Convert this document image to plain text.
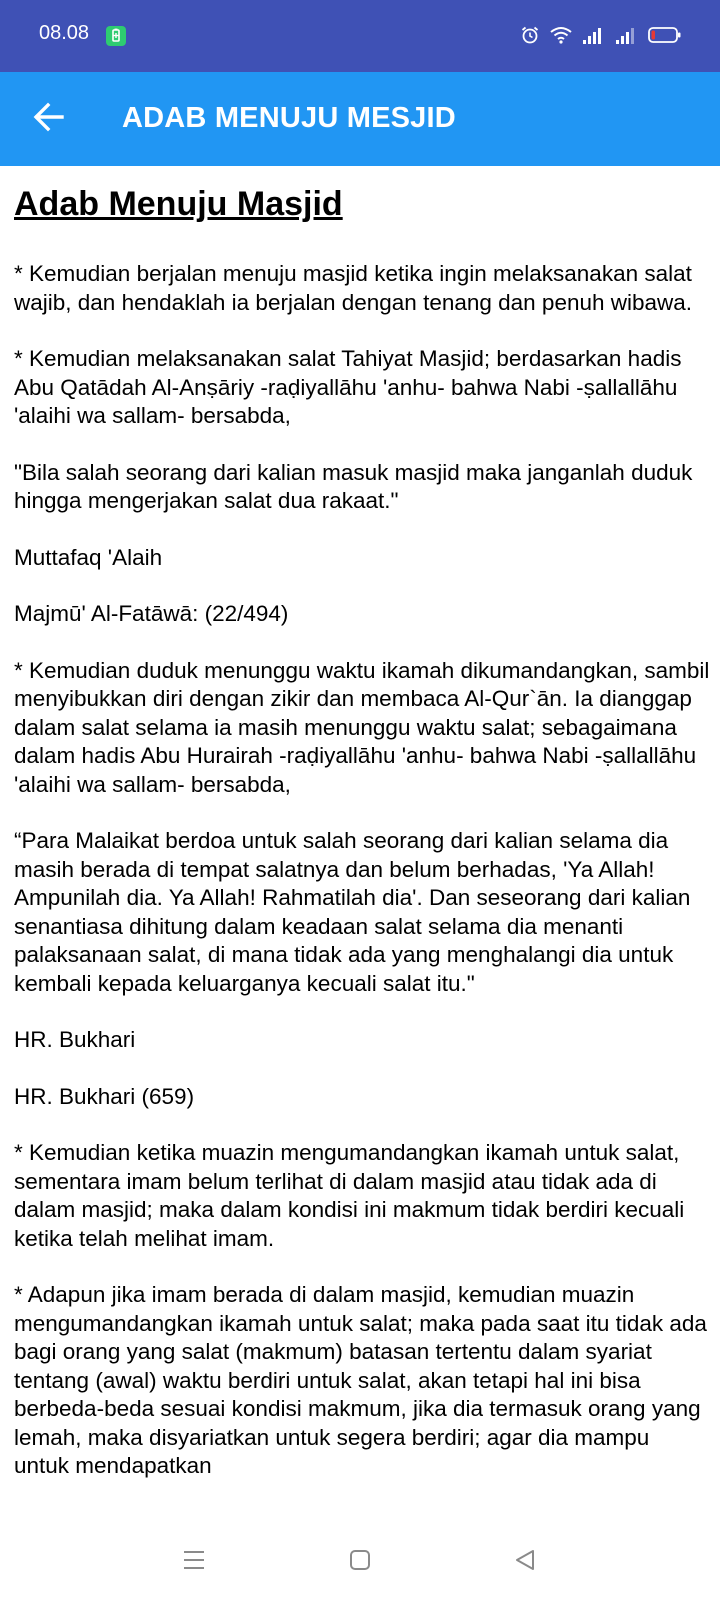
08.08
ADAB MENUJU MESJID
Adab Menuju Masjid

* Kemudian berjalan menuju masjid ketika ingin melaksanakan salat wajib, dan hendaklah ia berjalan dengan tenang dan penuh wibawa.

* Kemudian melaksanakan salat Tahiyat Masjid; berdasarkan hadis Abu Qatādah Al-Anṣāriy -raḍiyallāhu 'anhu- bahwa Nabi -ṣallallāhu 'alaihi wa sallam- bersabda,

"Bila salah seorang dari kalian masuk masjid maka janganlah duduk hingga mengerjakan salat dua rakaat."

Muttafaq 'Alaih

Majmū' Al-Fatāwā: (22/494)

* Kemudian duduk menunggu waktu ikamah dikumandangkan, sambil menyibukkan diri dengan zikir dan membaca Al-Qur`ān. Ia dianggap dalam salat selama ia masih menunggu waktu salat; sebagaimana dalam hadis Abu Hurairah -raḍiyallāhu 'anhu- bahwa Nabi -ṣallallāhu 'alaihi wa sallam- bersabda,

“Para Malaikat berdoa untuk salah seorang dari kalian selama dia masih berada di tempat salatnya dan belum berhadas, 'Ya Allah! Ampunilah dia. Ya Allah! Rahmatilah dia'. Dan seseorang dari kalian senantiasa dihitung dalam keadaan salat selama dia menanti palaksanaan salat, di mana tidak ada yang menghalangi dia untuk kembali kepada keluarganya kecuali salat itu."

HR. Bukhari

HR. Bukhari (659)

* Kemudian ketika muazin mengumandangkan ikamah untuk salat, sementara imam belum terlihat di dalam masjid atau tidak ada di dalam masjid; maka dalam kondisi ini makmum tidak berdiri kecuali ketika telah melihat imam.

* Adapun jika imam berada di dalam masjid, kemudian muazin mengumandangkan ikamah untuk salat; maka pada saat itu tidak ada bagi orang yang salat (makmum) batasan tertentu dalam syariat tentang (awal) waktu berdiri untuk salat, akan tetapi hal ini bisa berbeda-beda sesuai kondisi makmum, jika dia termasuk orang yang lemah, maka disyariatkan untuk segera berdiri; agar dia mampu untuk mendapatkan
